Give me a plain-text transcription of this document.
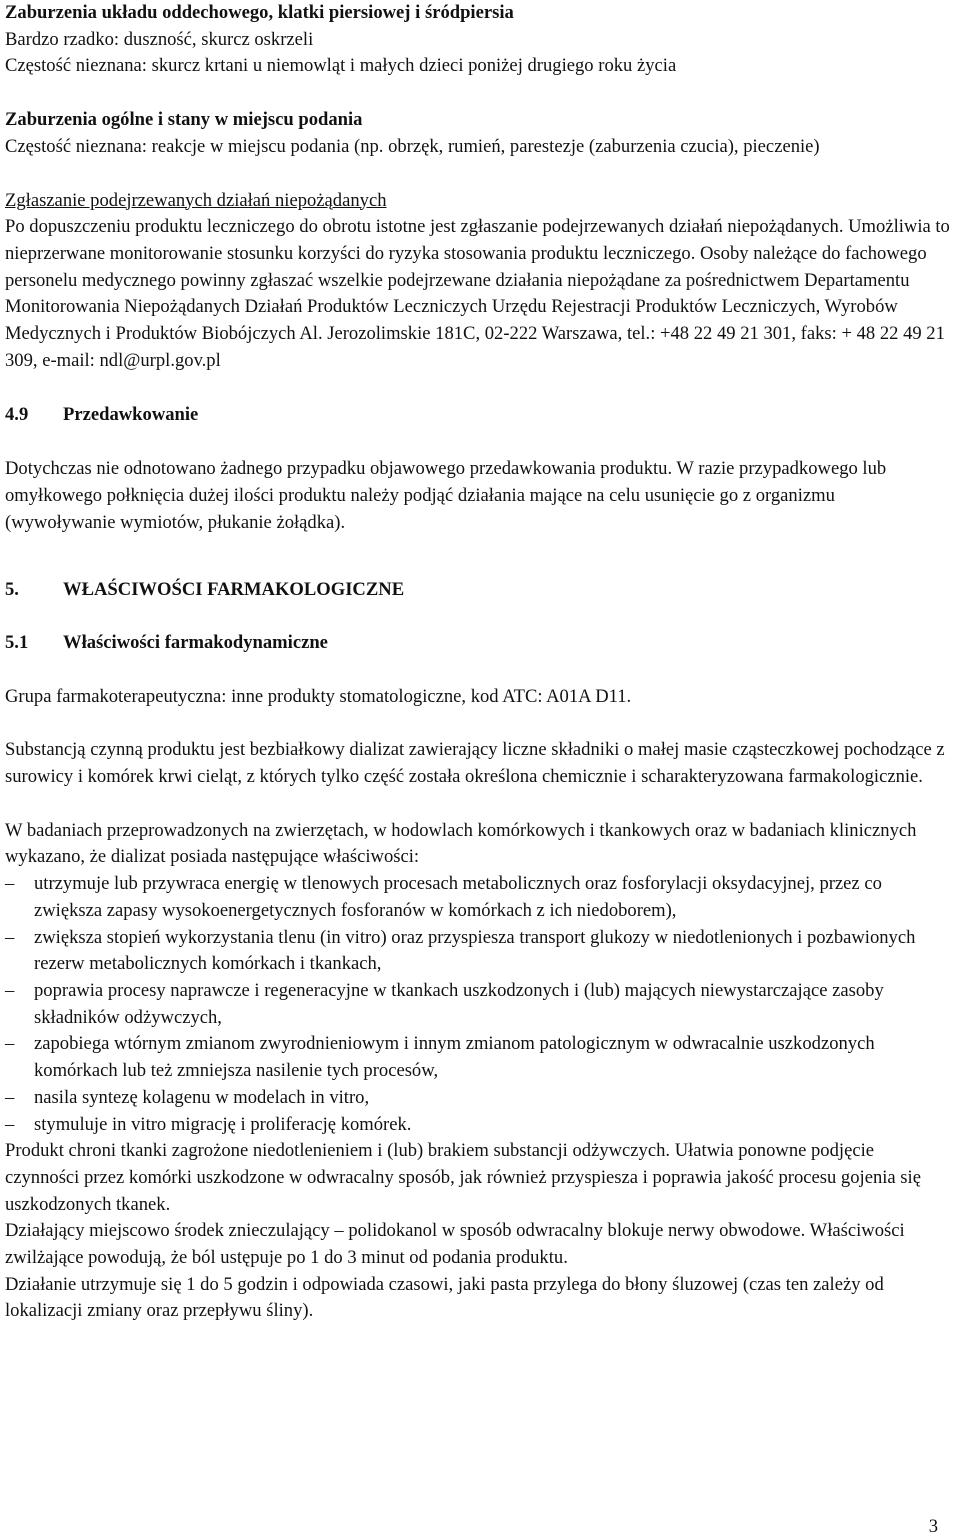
Zaburzenia układu oddechowego, klatki piersiowej i śródpiersia

Bardzo rzadko: duszność, skurcz oskrzeli

Częstość nieznana: skurcz krtani u niemowląt i małych dzieci poniżej drugiego roku życia

Zaburzenia ogólne i stany w miejscu podania

Częstość nieznana: reakcje w miejscu podania (np. obrzęk, rumień, parestezje (zaburzenia czucia), pieczenie)

Zgłaszanie podejrzewanych działań niepożądanych

Po dopuszczeniu produktu leczniczego do obrotu istotne jest zgłaszanie podejrzewanych działań niepożądanych. Umożliwia to nieprzerwane monitorowanie stosunku korzyści do ryzyka stosowania produktu leczniczego. Osoby należące do fachowego personelu medycznego powinny zgłaszać wszelkie podejrzewane działania niepożądane za pośrednictwem Departamentu Monitorowania Niepożądanych Działań Produktów Leczniczych Urzędu Rejestracji Produktów Leczniczych, Wyrobów Medycznych i Produktów Biobójczych Al. Jerozolimskie 181C, 02-222 Warszawa, tel.: +48 22 49 21 301, faks: + 48 22 49 21 309, e-mail: ndl@urpl.gov.pl

4.9 Przedawkowanie

Dotychczas nie odnotowano żadnego przypadku objawowego przedawkowania produktu. W razie przypadkowego lub omyłkowego połknięcia dużej ilości produktu należy podjąć działania mające na celu usunięcie go z organizmu (wywoływanie wymiotów, płukanie żołądka).

5. WŁAŚCIWOŚCI FARMAKOLOGICZNE
5.1 Właściwości farmakodynamiczne

Grupa farmakoterapeutyczna: inne produkty stomatologiczne, kod ATC: A01A D11.

Substancją czynną produktu jest bezbiałkowy dializat zawierający liczne składniki o małej masie cząsteczkowej pochodzące z surowicy i komórek krwi cieląt, z których tylko część została określona chemicznie i scharakteryzowana farmakologicznie.

W badaniach przeprowadzonych na zwierzętach, w hodowlach komórkowych i tkankowych oraz w badaniach klinicznych wykazano, że dializat posiada następujące właściwości:

– utrzymuje lub przywraca energię w tlenowych procesach metabolicznych oraz fosforylacji oksydacyjnej, przez co zwiększa zapasy wysokoenergetycznych fosforanów w komórkach z ich niedoborem),
– zwiększa stopień wykorzystania tlenu (in vitro) oraz przyspiesza transport glukozy w niedotlenionych i pozbawionych rezerw metabolicznych komórkach i tkankach,
– poprawia procesy naprawcze i regeneracyjne w tkankach uszkodzonych i (lub) mających niewystarczające zasoby składników odżywczych,
– zapobiega wtórnym zmianom zwyrodnieniowym i innym zmianom patologicznym w odwracalnie uszkodzonych komórkach lub też zmniejsza nasilenie tych procesów,
– nasila syntezę kolagenu w modelach in vitro,
– stymuluje in vitro migrację i proliferację komórek.

Produkt chroni tkanki zagrożone niedotlenieniem i (lub) brakiem substancji odżywczych. Ułatwia ponowne podjęcie czynności przez komórki uszkodzone w odwracalny sposób, jak również przyspiesza i poprawia jakość procesu gojenia się uszkodzonych tkanek.

Działający miejscowo środek znieczulający – polidokanol w sposób odwracalny blokuje nerwy obwodowe. Właściwości zwilżające powodują, że ból ustępuje po 1 do 3 minut od podania produktu.

Działanie utrzymuje się 1 do 5 godzin i odpowiada czasowi, jaki pasta przylega do błony śluzowej (czas ten zależy od lokalizacji zmiany oraz przepływu śliny).

3
